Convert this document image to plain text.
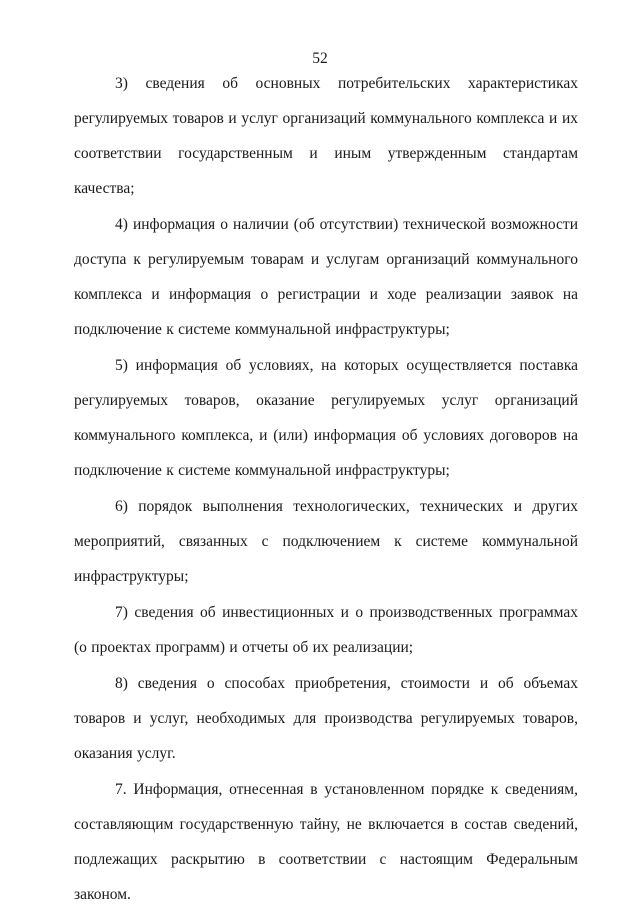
52

3) сведения об основных потребительских характеристиках регулируемых товаров и услуг организаций коммунального комплекса и их соответствии государственным и иным утвержденным стандартам качества;

4) информация о наличии (об отсутствии) технической возможности доступа к регулируемым товарам и услугам организаций коммунального комплекса и информация о регистрации и ходе реализации заявок на подключение к системе коммунальной инфраструктуры;

5) информация об условиях, на которых осуществляется поставка регулируемых товаров, оказание регулируемых услуг организаций коммунального комплекса, и (или) информация об условиях договоров на подключение к системе коммунальной инфраструктуры;

6) порядок выполнения технологических, технических и других мероприятий, связанных с подключением к системе коммунальной инфраструктуры;

7) сведения об инвестиционных и о производственных программах (о проектах программ) и отчеты об их реализации;

8) сведения о способах приобретения, стоимости и об объемах товаров и услуг, необходимых для производства регулируемых товаров, оказания услуг.

7. Информация, отнесенная в установленном порядке к сведениям, составляющим государственную тайну, не включается в состав сведений, подлежащих раскрытию в соответствии с настоящим Федеральным законом.
